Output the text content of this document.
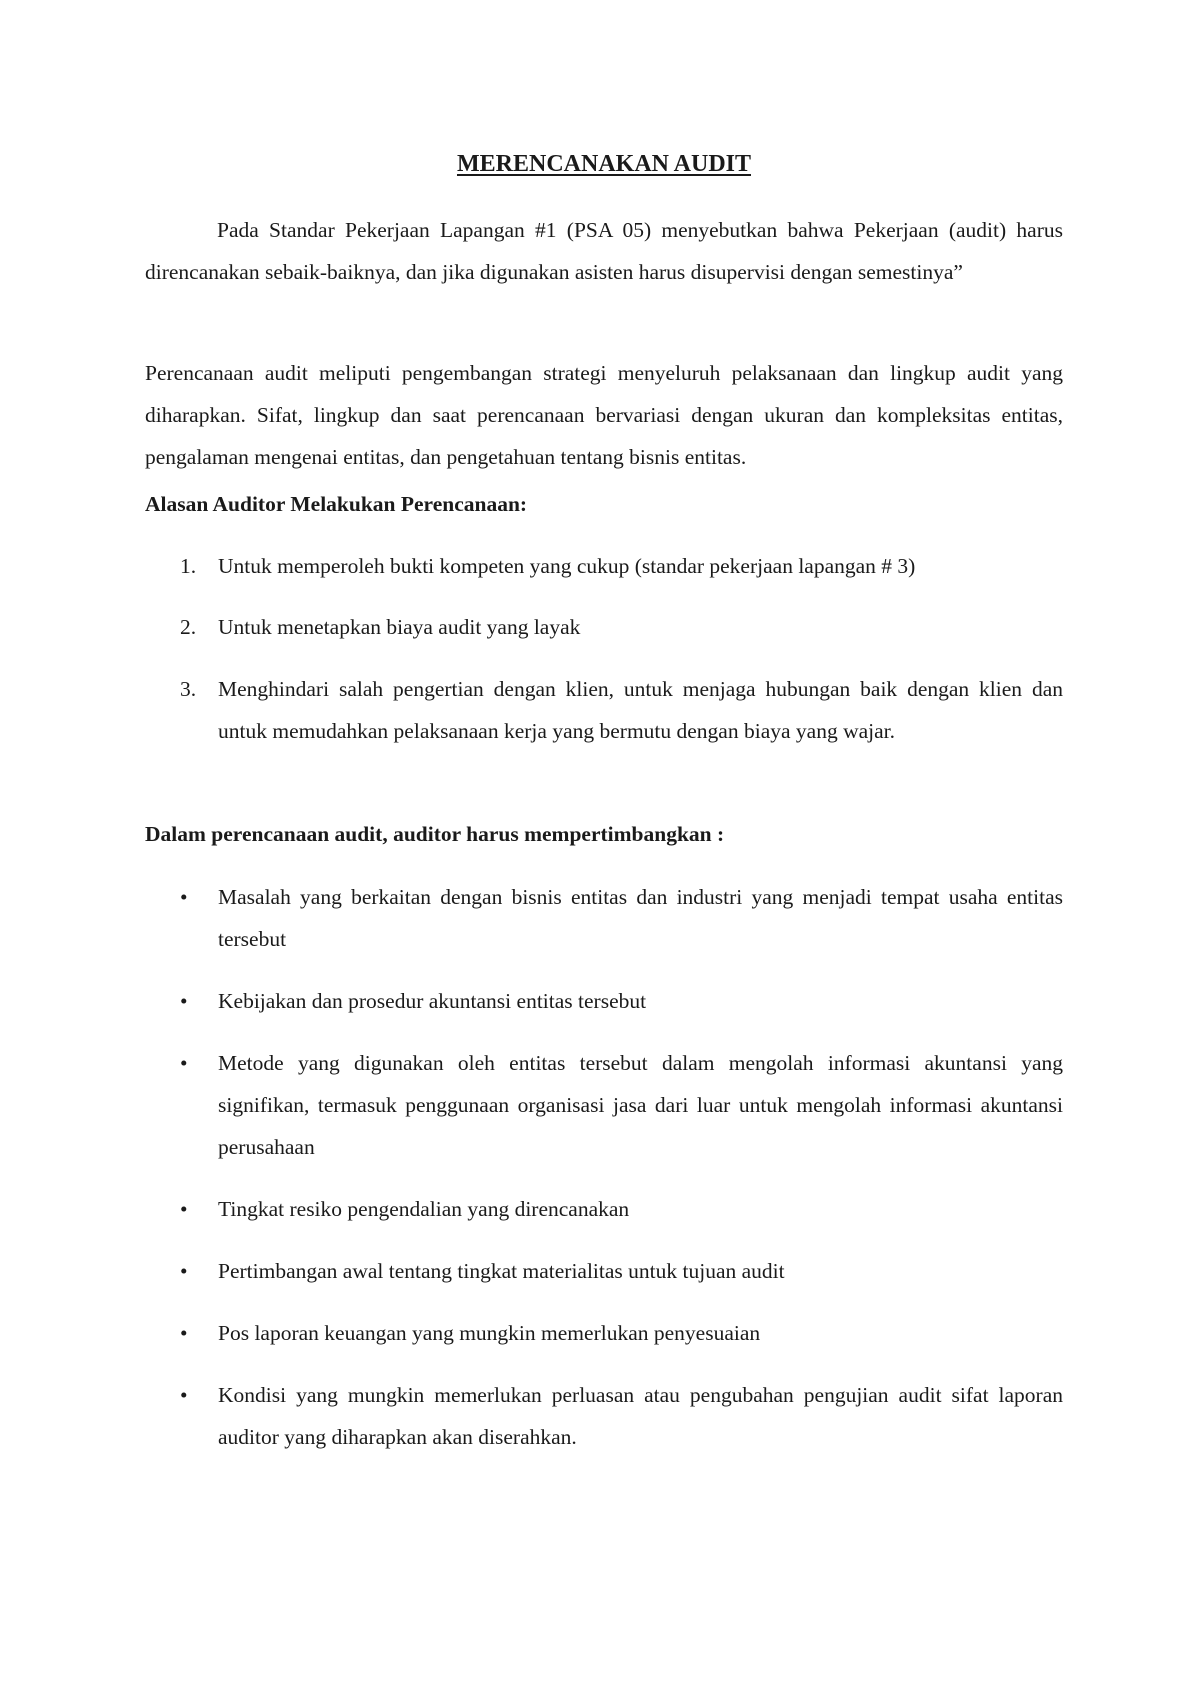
MERENCANAKAN AUDIT

Pada Standar Pekerjaan Lapangan #1 (PSA 05) menyebutkan bahwa Pekerjaan (audit) harus direncanakan sebaik-baiknya, dan jika digunakan asisten harus disupervisi dengan semestinya”

Perencanaan audit meliputi pengembangan strategi menyeluruh pelaksanaan dan lingkup audit yang diharapkan. Sifat, lingkup dan saat perencanaan bervariasi dengan ukuran dan kompleksitas entitas, pengalaman mengenai entitas, dan pengetahuan tentang bisnis entitas.

Alasan Auditor Melakukan Perencanaan:
1.	Untuk memperoleh bukti kompeten yang cukup (standar pekerjaan lapangan # 3)
2.	Untuk menetapkan biaya audit yang layak
3.	Menghindari salah pengertian dengan klien, untuk menjaga hubungan baik dengan klien dan untuk memudahkan pelaksanaan kerja yang bermutu dengan biaya yang wajar.
Dalam perencanaan audit, auditor harus mempertimbangkan :
•	Masalah yang berkaitan dengan bisnis entitas dan industri yang menjadi tempat usaha entitas tersebut
•	Kebijakan dan prosedur akuntansi entitas tersebut
•	Metode yang digunakan oleh entitas tersebut dalam mengolah informasi akuntansi yang signifikan, termasuk penggunaan organisasi jasa dari luar untuk mengolah informasi akuntansi perusahaan
•	Tingkat resiko pengendalian yang direncanakan
•	Pertimbangan awal tentang tingkat materialitas untuk tujuan audit
•	Pos laporan keuangan yang mungkin memerlukan penyesuaian
•	Kondisi yang mungkin memerlukan perluasan atau pengubahan pengujian audit sifat laporan auditor yang diharapkan akan diserahkan.
